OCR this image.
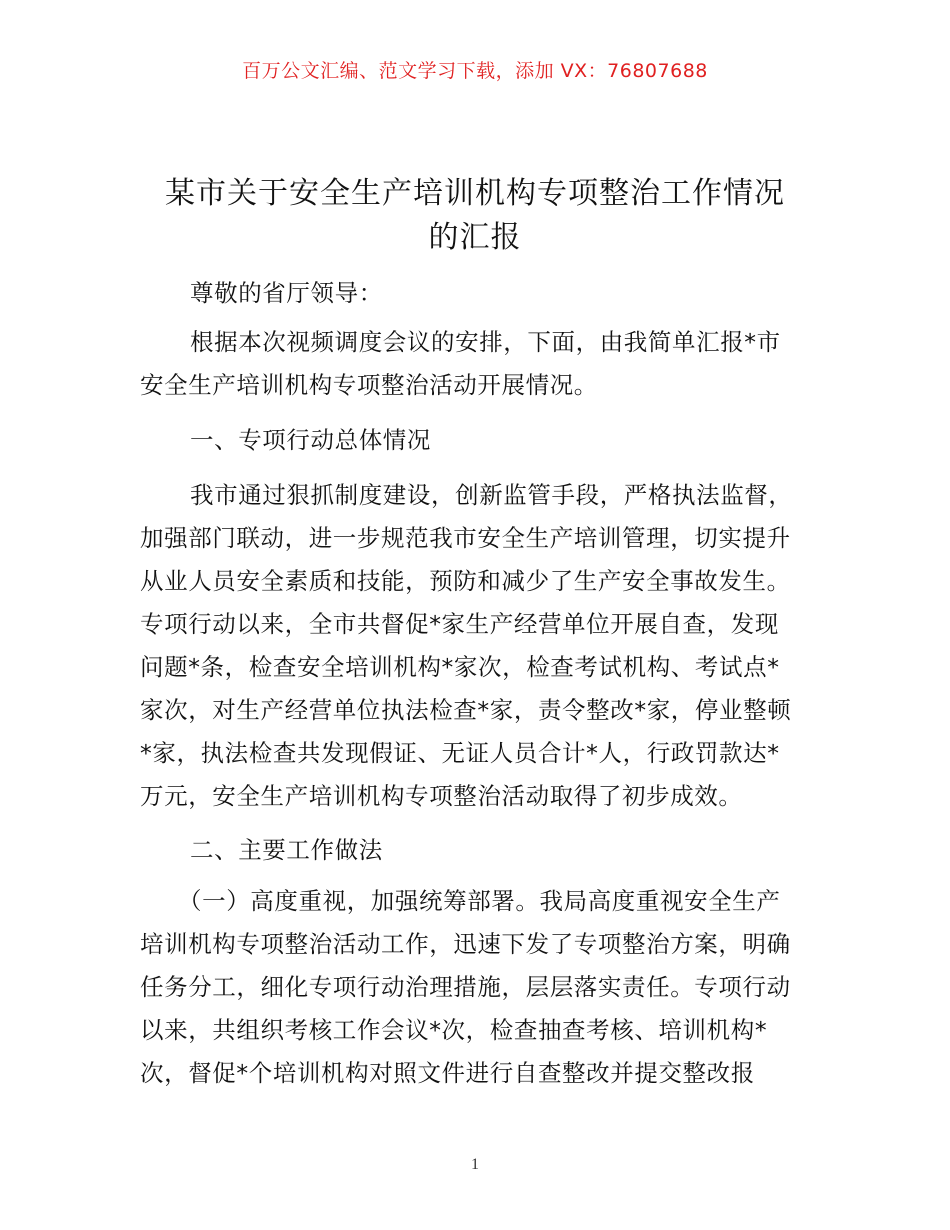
百万公文汇编、范文学习下载，添加 VX：76807688
某市关于安全生产培训机构专项整治工作情况
的汇报
尊敬的省厅领导：
根据本次视频调度会议的安排，下面，由我简单汇报*市
安全生产培训机构专项整治活动开展情况。
一、专项行动总体情况
我市通过狠抓制度建设，创新监管手段，严格执法监督，
加强部门联动，进一步规范我市安全生产培训管理，切实提升
从业人员安全素质和技能，预防和减少了生产安全事故发生。
专项行动以来，全市共督促*家生产经营单位开展自查，发现
问题*条，检查安全培训机构*家次，检查考试机构、考试点*
家次，对生产经营单位执法检查*家，责令整改*家，停业整顿
*家，执法检查共发现假证、无证人员合计*人，行政罚款达*
万元，安全生产培训机构专项整治活动取得了初步成效。
二、主要工作做法
（一）高度重视，加强统筹部署。我局高度重视安全生产
培训机构专项整治活动工作，迅速下发了专项整治方案，明确
任务分工，细化专项行动治理措施，层层落实责任。专项行动
以来，共组织考核工作会议*次，检查抽查考核、培训机构*
次，督促*个培训机构对照文件进行自查整改并提交整改报
1
